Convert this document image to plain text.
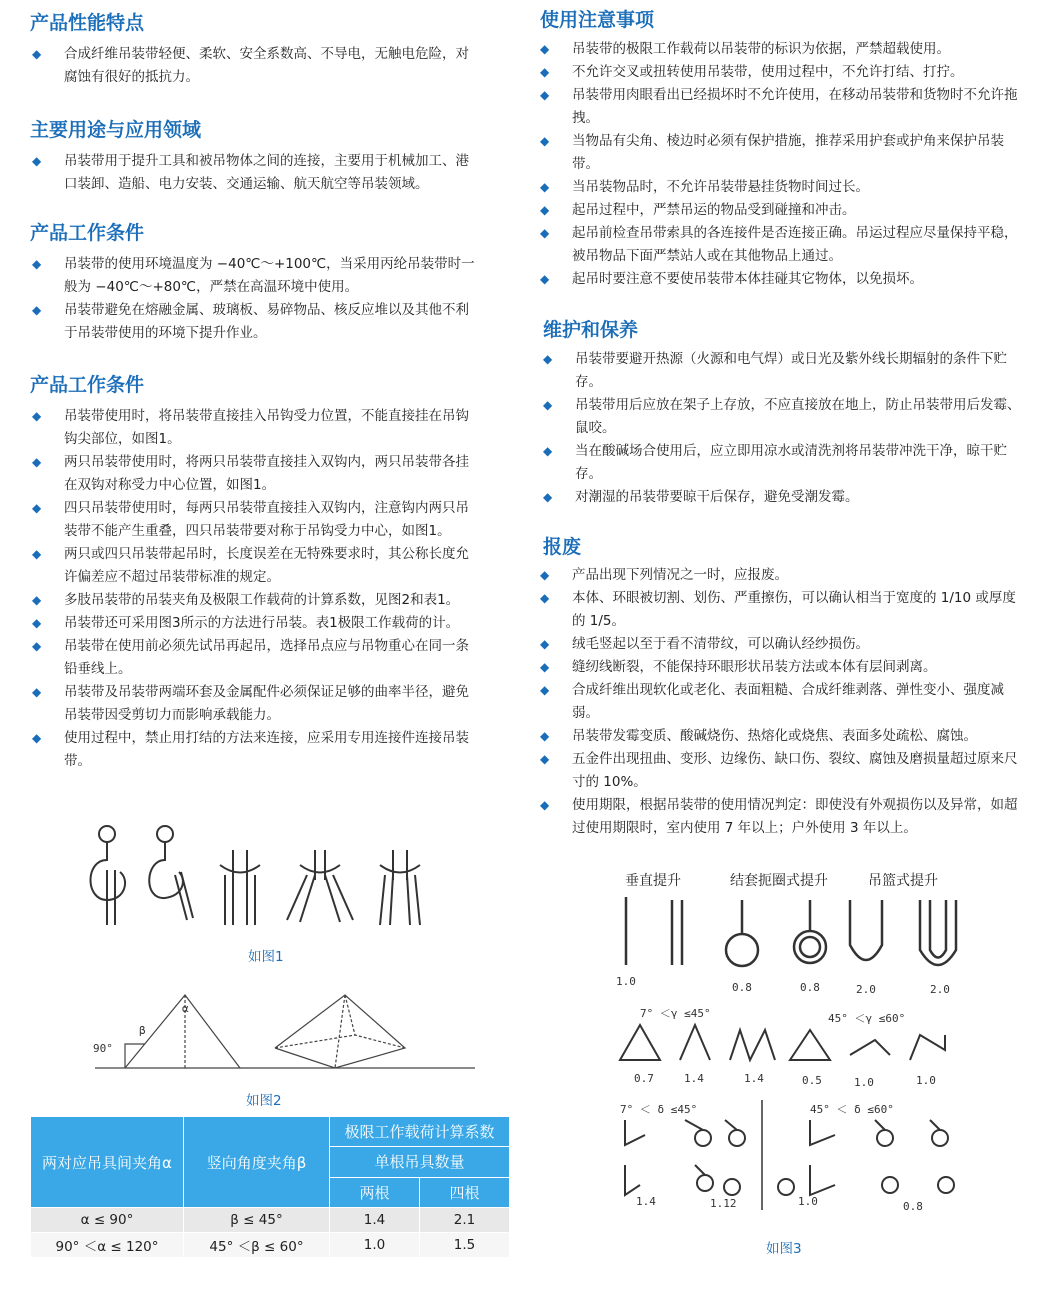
产品性能特点
◆ 合成纤维吊装带轻便、柔软、安全系数高、不导电，无触电危险，对腐蚀有很好的抵抗力。
主要用途与应用领域
◆ 吊装带用于提升工具和被吊物体之间的连接，主要用于机械加工、港口装卸、造船、电力安装、交通运输、航天航空等吊装领域。
产品工作条件
◆ 吊装带的使用环境温度为 −40℃～+100℃，当采用丙纶吊装带时一般为 −40℃～+80℃，严禁在高温环境中使用。
◆ 吊装带避免在熔融金属、玻璃板、易碎物品、核反应堆以及其他不利于吊装带使用的环境下提升作业。
产品工作条件
◆ 吊装带使用时，将吊装带直接挂入吊钩受力位置，不能直接挂在吊钩钩尖部位，如图1。
◆ 两只吊装带使用时，将两只吊装带直接挂入双钩内，两只吊装带各挂在双钩对称受力中心位置，如图1。
◆ 四只吊装带使用时，每两只吊装带直接挂入双钩内，注意钩内两只吊装带不能产生重叠，四只吊装带要对称于吊钩受力中心，如图1。
◆ 两只或四只吊装带起吊时，长度误差在无特殊要求时，其公称长度允许偏差应不超过吊装带标准的规定。
◆ 多肢吊装带的吊装夹角及极限工作载荷的计算系数，见图2和表1。
◆ 吊装带还可采用图3所示的方法进行吊装。表1极限工作载荷的计。
◆ 吊装带在使用前必须先试吊再起吊，选择吊点应与吊物重心在同一条铅垂线上。
◆ 吊装带及吊装带两端环套及金属配件必须保证足够的曲率半径，避免吊装带因受剪切力而影响承载能力。
◆ 使用过程中，禁止用打结的方法来连接，应采用专用连接件连接吊装带。
如图1
α
β
90°
如图2
两对应吊具间夹角α	竖向角度夹角β	极限工作载荷计算系数	
		单根吊具数量	
		两根	四根
α ≤ 90°	β ≤ 45°	1.4	2.1
90° ＜α ≤ 120°	45° ＜β ≤ 60°	1.0	1.5
使用注意事项
◆ 吊装带的极限工作载荷以吊装带的标识为依据，严禁超载使用。
◆ 不允许交叉或扭转使用吊装带，使用过程中，不允许打结、打拧。
◆ 吊装带用肉眼看出已经损坏时不允许使用，在移动吊装带和货物时不允许拖拽。
◆ 当物品有尖角、棱边时必须有保护措施，推荐采用护套或护角来保护吊装带。
◆ 当吊装物品时，不允许吊装带悬挂货物时间过长。
◆ 起吊过程中，严禁吊运的物品受到碰撞和冲击。
◆ 起吊前检查吊带索具的各连接件是否连接正确。吊运过程应尽量保持平稳，被吊物品下面严禁站人或在其他物品上通过。
◆ 起吊时要注意不要使吊装带本体挂碰其它物体，以免损坏。
维护和保养
◆ 吊装带要避开热源（火源和电气焊）或日光及紫外线长期辐射的条件下贮存。
◆ 吊装带用后应放在架子上存放，不应直接放在地上，防止吊装带用后发霉、鼠咬。
◆ 当在酸碱场合使用后，应立即用凉水或清洗剂将吊装带冲洗干净，晾干贮存。
◆ 对潮湿的吊装带要晾干后保存，避免受潮发霉。
报废
◆ 产品出现下列情况之一时，应报废。
◆ 本体、环眼被切割、划伤、严重擦伤，可以确认相当于宽度的 1/10 或厚度的 1/5。
◆ 绒毛竖起以至于看不清带纹，可以确认经纱损伤。
◆ 缝纫线断裂，不能保持环眼形状吊装方法或本体有层间剥离。
◆ 合成纤维出现软化或老化、表面粗糙、合成纤维剥落、弹性变小、强度减弱。
◆ 吊装带发霉变质、酸碱烧伤、热熔化或烧焦、表面多处疏松、腐蚀。
◆ 五金件出现扭曲、变形、边缘伤、缺口伤、裂纹、腐蚀及磨损量超过原来尺寸的 10%。
◆ 使用期限，根据吊装带的使用情况判定：即使没有外观损伤以及异常，如超过使用期限时，室内使用 7 年以上；户外使用 3 年以上。
垂直提升	结套扼圈式提升	吊篮式提升
1.0	0.8	0.8	2.0	2.0
7° ＜γ ≤45°	45° ＜γ ≤60°
0.7	1.4	1.4	0.5	1.0	1.0
7° ＜ δ ≤45°	45° ＜ δ ≤60°
1.4	1.12	1.0	0.8
如图3
